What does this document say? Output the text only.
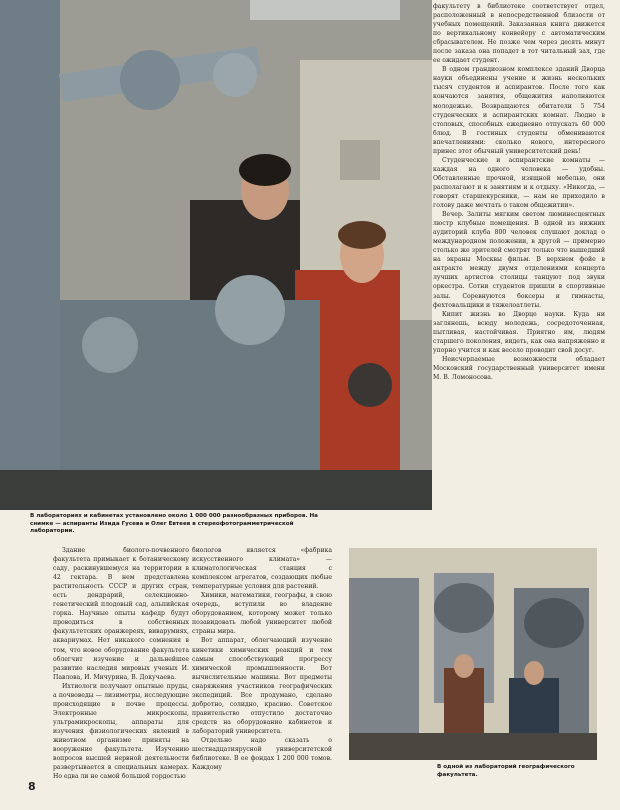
В лабораториях и кабинетах установлено около 1 000 000 разнообразных приборов. На снимке — аспиранты Изида Гусева и Олег Евтеев в стереофотограмметрической лаборатории.

факультету в библиотеке соответствует отдел, расположенный в непосредственной близости от учебных помещений. Заказанная книга движется по вертикальному конвейеру с автоматическим сбрасывателем. Не позже чем через десять минут после заказа она попадет в тот читальный зал, где ее ожидает студент.

В одном грандиозном комплексе зданий Дворца науки объединены учение и жизнь нескольких тысяч студентов и аспирантов. После того как кончаются занятия, общежития наполняются молодежью. Возвращаются обитатели 5 754 студенческих и аспирантских комнат. Людно в столовых, способных ежедневно отпускать 60 000 блюд. В гостиных студенты обмениваются впечатлениями: сколько нового, интересного принес этот обычный университетский день!

Студенческие и аспирантские комнаты — каждая на одного человека — удобны. Обставленные прочной, изящной мебелью, они располагают и к занятиям и к отдыху. «Никогда, — говорят старшекурсники, — нам не приходило в голову даже мечтать о таком общежитии».

Вечер. Залиты мягким светом люминесцентных люстр клубные помещения. В одной из нижних аудиторий клуба 800 человек слушают доклад о международном положении, в другой — примерно столько же зрителей смотрят только что вышедший на экраны Москвы фильм. В верхнем фойе в антракте между двумя отделениями концерта лучших артистов столицы танцуют под звуки оркестра. Сотни студентов пришли в спортивные залы. Соревнуются боксеры и гимнасты, фехтовальщики и тяжелоатлеты.

Кипит жизнь во Дворце науки. Куда ни заглянешь, всюду молодежь, сосредоточенная, пытливая, настойчивая. Приятно им, людям старшего поколения, видеть, как она напряженно и упорно учится и как весело проводит свой досуг.

Неисчерпаемые возможности обладает Московский государственный университет имени М. В. Ломоносова.

Здание биолого-почвенного факультета примыкает к ботаническому саду, раскинувшемуся на территории в 42 гектара. В нем представлена растительность СССР и других стран, есть дендрарий, селекционно-генетический плодовый сад, альпийская горка. Научные опыты кафедр будут проводиться в собственных факультетских оранжереях, виварумиях, аквариумах. Нет никакого сомнения в том, что новое оборудование факультета облегчит изучение и дальнейшее развитие наследия мировых ученых И. Павлова, И. Мичурина, В. Докучаева.

Ихтиологи получают опытные пруды, а почвоведы — лизиметры, исследующие происходящие в почве процессы. Электронные микроскопы, ультрамикроскопы, аппараты для изучения физиологических явлений в животном организме приняты на вооружение факультета. Изучению вопросов высшей нервной деятельности развертывается в специальных камерах. Но едва ли не самой большой гордостью

биологов является «фабрика искусственного климата» — климатологическая станция с комплексом агрегатов, создающих любые температурные условия для растений.

Химики, математики, географы, в свою очередь, вступили во владение оборудованием, которому может только позавидовать любой университет любой страны мира.

Вот аппарат, облегчающий изучение кинетики химических реакций и тем самым способствующий прогрессу химической промышленности. Вот вычислительные машины. Вот предметы снаряжения участников географических экспедиций. Все продумано, сделано добротно, солидно, красиво. Советское правительство отпустило достаточно средств на оборудование кабинетов и лабораторий университета.

Отдельно надо сказать о шестнадцатиярусной университетской библиотеке. В ее фондах 1 200 000 томов. Каждому	В одной из лабораторий географического факультета.
8
